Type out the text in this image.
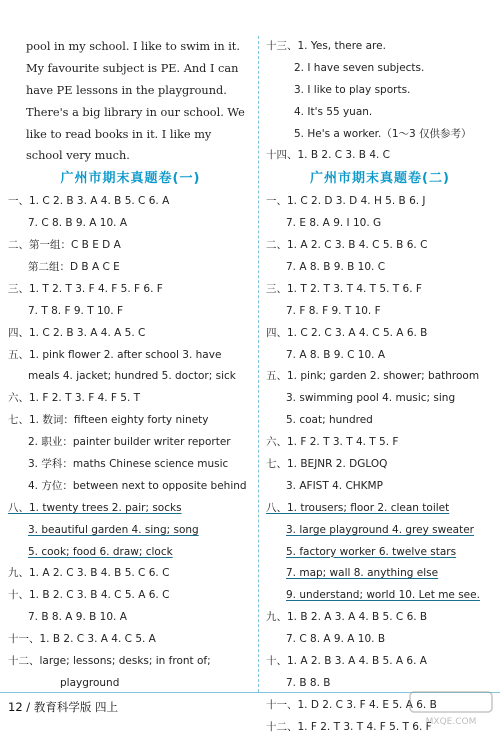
pool in my school. I like to swim in it.
My favourite subject is PE. And I can
have PE lessons in the playground.
There's a big library in our school. We
like to read books in it. I like my
school very much.
广州市期末真题卷(一)
一、1. C 2. B 3. A 4. B 5. C 6. A
7. C 8. B 9. A 10. A
二、第一组：C B E D A
第二组：D B A C E
三、1. T 2. T 3. F 4. F 5. F 6. F
7. T 8. F 9. T 10. F
四、1. C 2. B 3. A 4. A 5. C
五、1. pink flower 2. after school 3. have
meals 4. jacket; hundred 5. doctor; sick
六、1. F 2. T 3. F 4. F 5. T
七、1. 数词：fifteen eighty forty ninety
2. 职业：painter builder writer reporter
3. 学科：maths Chinese science music
4. 方位：between next to opposite behind
八、1. twenty trees 2. pair; socks
3. beautiful garden 4. sing; song
5. cook; food 6. draw; clock
九、1. A 2. C 3. B 4. B 5. C 6. C
十、1. B 2. C 3. B 4. C 5. A 6. C
7. B 8. A 9. B 10. A
十一、1. B 2. C 3. A 4. C 5. A
十二、large; lessons; desks; in front of;
playground
十三、1. Yes, there are.
2. I have seven subjects.
3. I like to play sports.
4. It's 55 yuan.
5. He's a worker.（1～3 仅供参考）
十四、1. B 2. C 3. B 4. C
广州市期末真题卷(二)
一、1. C 2. D 3. D 4. H 5. B 6. J
7. E 8. A 9. I 10. G
二、1. A 2. C 3. B 4. C 5. B 6. C
7. A 8. B 9. B 10. C
三、1. T 2. T 3. T 4. T 5. T 6. F
7. F 8. F 9. T 10. F
四、1. C 2. C 3. A 4. C 5. A 6. B
7. A 8. B 9. C 10. A
五、1. pink; garden 2. shower; bathroom
3. swimming pool 4. music; sing
5. coat; hundred
六、1. F 2. T 3. T 4. T 5. F
七、1. BEJNR 2. DGLOQ
3. AFIST 4. CHKMP
八、1. trousers; floor 2. clean toilet
3. large playground 4. grey sweater
5. factory worker 6. twelve stars
7. map; wall 8. anything else
9. understand; world 10. Let me see.
九、1. B 2. A 3. A 4. B 5. C 6. B
7. C 8. A 9. A 10. B
十、1. A 2. B 3. A 4. B 5. A 6. A
7. B 8. B
十一、1. D 2. C 3. F 4. E 5. A 6. B
十二、1. F 2. T 3. T 4. F 5. T 6. F
12 / 教育科学版 四上
MXQE.COM
